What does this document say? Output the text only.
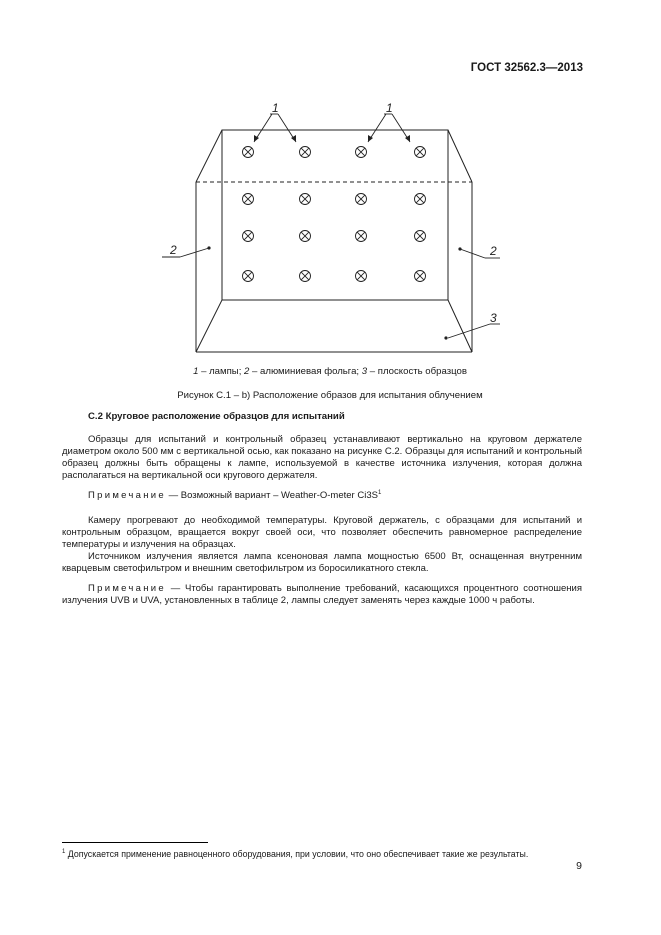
ГОСТ 32562.3—2013
1	1
2	2
3
1 – лампы; 2 – алюминиевая фольга; 3 – плоскость образцов
Рисунок С.1 – b) Расположение образов для испытания облучением
С.2 Круговое расположение образцов для испытаний

Образцы для испытаний и контрольный образец устанавливают вертикально на круговом держателе диаметром около 500 мм с вертикальной осью, как показано на рисунке С.2. Образцы для испытаний и контрольный образец должны быть обращены к лампе, используемой в качестве источника излучения, которая должна располагаться на вертикальной оси кругового держателя.

Примечание — Возможный вариант – Weather-O-meter $Ci3S^1$

Камеру прогревают до необходимой температуры. Круговой держатель, с образцами для испытаний и контрольным образцом, вращается вокруг своей оси, что позволяет обеспечить равномерное распределение температуры и излучения на образцах.

Источником излучения является лампа ксеноновая лампа мощностью 6500 Вт, оснащенная внутренним кварцевым светофильтром и внешним светофильтром из боросиликатного стекла.

Примечание — Чтобы гарантировать выполнение требований, касающихся процентного соотношения излучения UVB и UVA, установленных в таблице 2, лампы следует заменять через каждые 1000 ч работы.

$^1$ Допускается применение равноценного оборудования, при условии, что оно обеспечивает такие же результаты.
9
